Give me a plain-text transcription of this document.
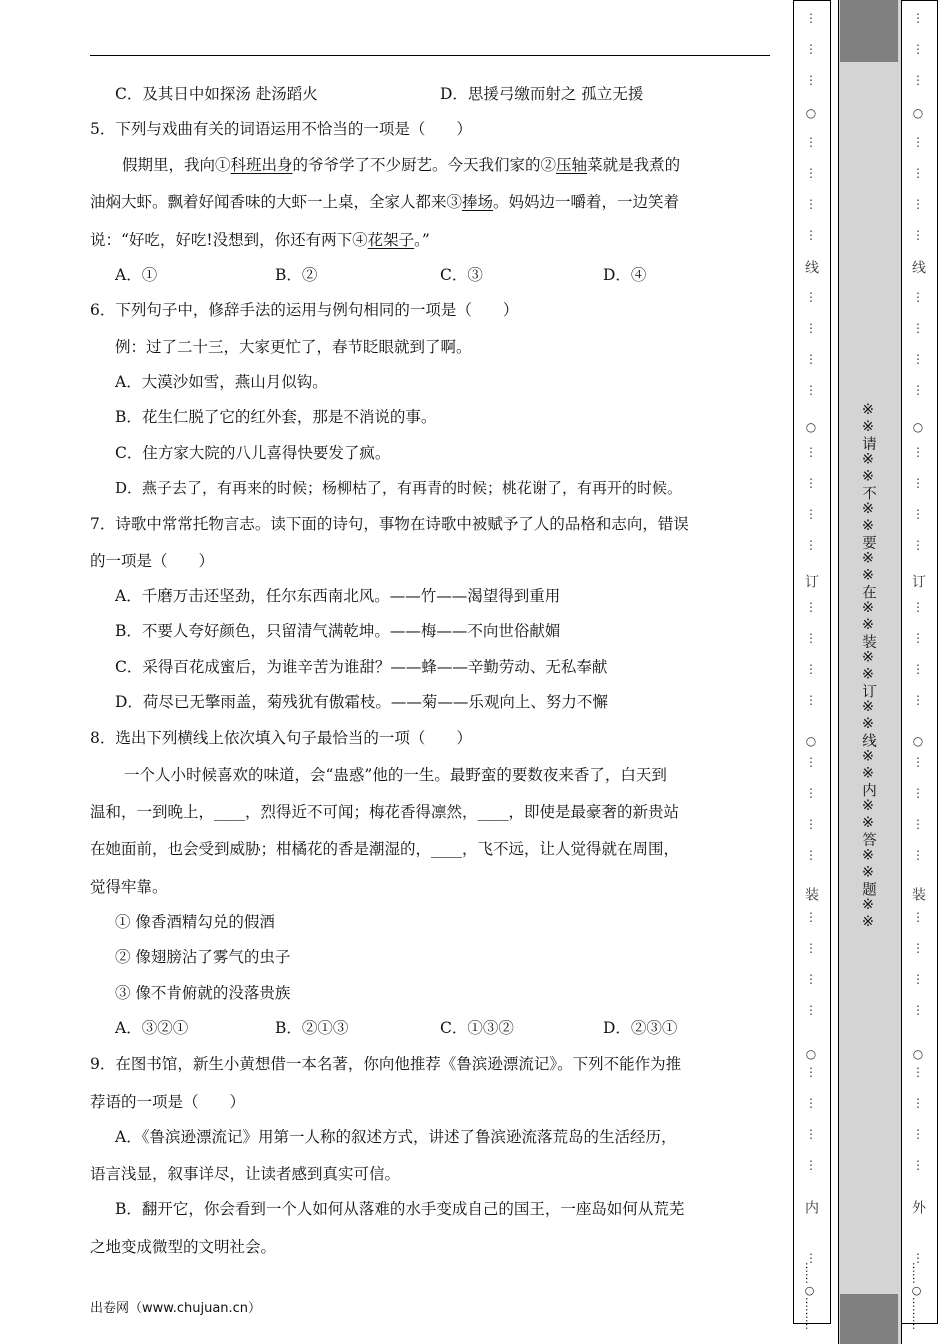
C．及其日中如探汤 赴汤蹈火	D．思援弓缴而射之 孤立无援
5．下列与戏曲有关的词语运用不恰当的一项是（　　）
假期里，我向①科班出身的爷爷学了不少厨艺。今天我们家的②压轴菜就是我煮的
油焖大虾。飘着好闻香味的大虾一上桌，全家人都来③捧场。妈妈边一嚼着，一边笑着
说：“好吃，好吃!没想到，你还有两下④花架子。”
A．①	B．②	C．③	D．④
6．下列句子中，修辞手法的运用与例句相同的一项是（　　）
例：过了二十三，大家更忙了，春节眨眼就到了啊。
A．大漠沙如雪，燕山月似钩。
B．花生仁脱了它的红外套，那是不消说的事。
C．住方家大院的八儿喜得快要发了疯。
D．燕子去了，有再来的时候；杨柳枯了，有再青的时候；桃花谢了，有再开的时候。
7．诗歌中常常托物言志。读下面的诗句，事物在诗歌中被赋予了人的品格和志向，错误
的一项是（　　）
A．千磨万击还坚劲，任尔东西南北风。——竹——渴望得到重用
B．不要人夸好颜色，只留清气满乾坤。——梅——不向世俗献媚
C．采得百花成蜜后，为谁辛苦为谁甜？——蜂——辛勤劳动、无私奉献
D．荷尽已无擎雨盖，菊残犹有傲霜枝。——菊——乐观向上、努力不懈
8．选出下列横线上依次填入句子最恰当的一项（　　）
一个人小时候喜欢的味道，会“蛊惑”他的一生。最野蛮的要数夜来香了，白天到
温和，一到晚上，____，烈得近不可闻；梅花香得凛然，____，即使是最豪奢的新贵站
在她面前，也会受到威胁；柑橘花的香是潮湿的，____，飞不远，让人觉得就在周围，
觉得牢靠。
① 像香酒精勾兑的假酒
② 像翅膀沾了雾气的虫子
③ 像不肯俯就的没落贵族
A．③②①	B．②①③	C．①③②	D．②③①
9．在图书馆，新生小黄想借一本名著，你向他推荐《鲁滨逊漂流记》。下列不能作为推
荐语的一项是（　　）
A．《鲁滨逊漂流记》用第一人称的叙述方式，讲述了鲁滨逊流落荒岛的生活经历，
语言浅显，叙事详尽，让读者感到真实可信。
B．翻开它，你会看到一个人如何从落难的水手变成自己的国王，一座岛如何从荒芜
之地变成微型的文明社会。
出卷网（www.chujuan.cn）
※※请※※不※※要※※在※※装※※订※※线※※内※※答※※题※※
⋮
⋮
⋮
⋮
⋮
⋮
⋮
⋮
⋮
⋮
⋮
⋮
⋮
⋮
⋮
⋮
⋮
⋮
⋮
⋮
⋮
⋮
⋮
⋮
⋮
⋮
⋮
⋮
⋮
⋮
⋮
⋮
○
○
○
○
线
订
装
内
……○………
⋮
⋮
⋮
⋮
⋮
⋮
⋮
⋮
⋮
⋮
⋮
⋮
⋮
⋮
⋮
⋮
⋮
⋮
⋮
⋮
⋮
⋮
⋮
⋮
⋮
⋮
⋮
⋮
⋮
⋮
⋮
⋮
○
○
○
○
线
订
装
外
……○………
